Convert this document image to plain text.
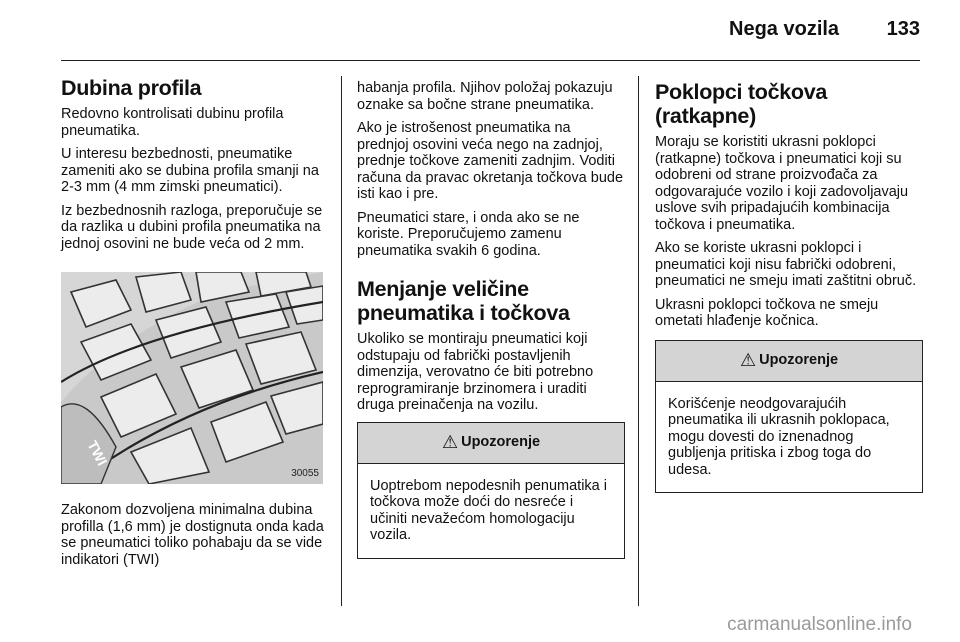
Nega vozila 133
Dubina profila

Redovno kontrolisati dubinu profila pneumatika.

U interesu bezbednosti, pneumatike zameniti ako se dubina profila smanji na 2-3 mm (4 mm zimski pneumatici).

Iz bezbednosnih razloga, preporučuje se da razlika u dubini profila pneumatika na jednoj osovini ne bude veća od 2 mm.

TWI
30055

Zakonom dozvoljena minimalna dubina profilla (1,6 mm) je dostignuta onda kada se pneumatici toliko pohabaju da se vide indikatori (TWI)

habanja profila. Njihov položaj pokazuju oznake sa bočne strane pneumatika.

Ako je istrošenost pneumatika na prednjoj osovini veća nego na zadnjoj, prednje točkove zameniti zadnjim. Voditi računa da pravac okretanja točkova bude isti kao i pre.

Pneumatici stare, i onda ako se ne koriste. Preporučujemo zamenu pneumatika svakih 6 godina.

Menjanje veličine pneumatika i točkova

Ukoliko se montiraju pneumatici koji odstupaju od fabrički postavljenih dimenzija, verovatno će biti potrebno reprogramiranje brzinomera i uraditi druga preinačenja na vozilu.

⚠ Upozorenje
Uoptrebom nepodesnih penumatika i točkova može doći do nesreće i učiniti nevažećom homologaciju vozila.
Poklopci točkova (ratkapne)

Moraju se koristiti ukrasni poklopci (ratkapne) točkova i pneumatici koji su odobreni od strane proizvođača za odgovarajuće vozilo i koji zadovoljavaju uslove svih pripadajućih kombinacija točkova i pneumatika.

Ako se koriste ukrasni poklopci i pneumatici koji nisu fabrički odobreni, pneumatici ne smeju imati zaštitni obruč.

Ukrasni poklopci točkova ne smeju ometati hlađenje kočnica.

⚠ Upozorenje
Korišćenje neodgovarajućih pneumatika ili ukrasnih poklopaca, mogu dovesti do iznenadnog gubljenja pritiska i zbog toga do udesa.
carmanualsonline.info
